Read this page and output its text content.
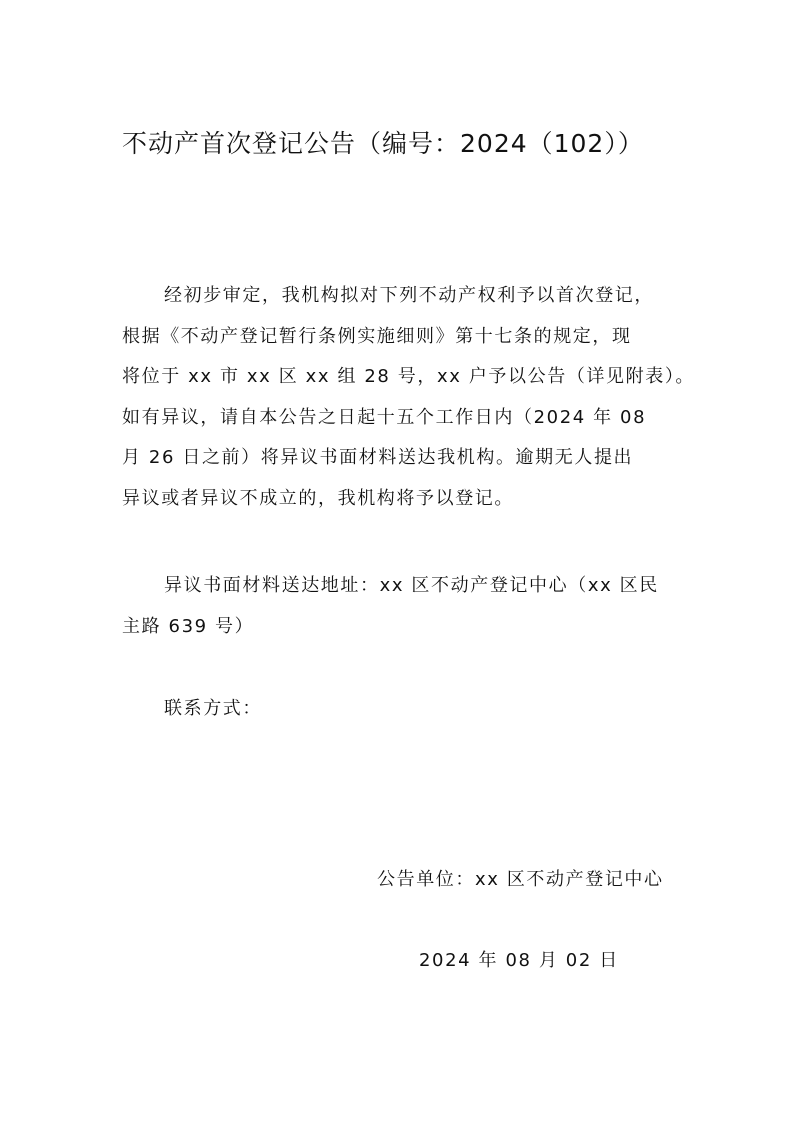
不动产首次登记公告（编号：2024（102））
经初步审定，我机构拟对下列不动产权利予以首次登记，
根据《不动产登记暂行条例实施细则》第十七条的规定，现
将位于 xx 市 xx 区 xx 组 28 号，xx 户予以公告（详见附表）。
如有异议，请自本公告之日起十五个工作日内（2024 年 08
月 26 日之前）将异议书面材料送达我机构。逾期无人提出
异议或者异议不成立的，我机构将予以登记。
异议书面材料送达地址：xx 区不动产登记中心（xx 区民
主路 639 号）
联系方式：
公告单位：xx 区不动产登记中心
2024 年 08 月 02 日
